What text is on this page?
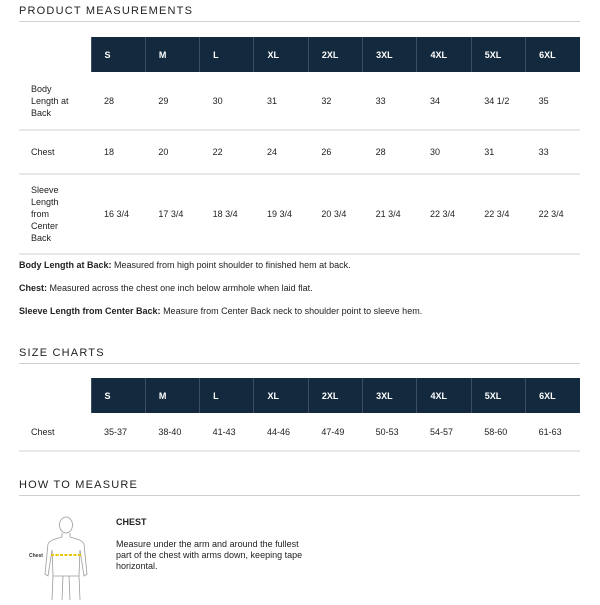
PRODUCT MEASUREMENTS
	S	M	L	XL	2XL	3XL	4XL	5XL	6XL

Body Length at Back	28	29	30	31	32	33	34	34 1/2	35
Chest	18	20	22	24	26	28	30	31	33

Sleeve Length from Center Back	16 3/4	17 3/4	18 3/4	19 3/4	20 3/4	21 3/4	22 3/4	22 3/4	22 3/4

Body Length at Back: Measured from high point shoulder to finished hem at back.

Chest: Measured across the chest one inch below armhole when laid flat.

Sleeve Length from Center Back: Measure from Center Back neck to shoulder point to sleeve hem.

SIZE CHARTS
	S	M	L	XL	2XL	3XL	4XL	5XL	6XL
Chest	35-37	38-40	41-43	44-46	47-49	50-53	54-57	58-60	61-63
HOW TO MEASURE
Chest
CHEST

Measure under the arm and around the fullest part of the chest with arms down, keeping tape horizontal.
